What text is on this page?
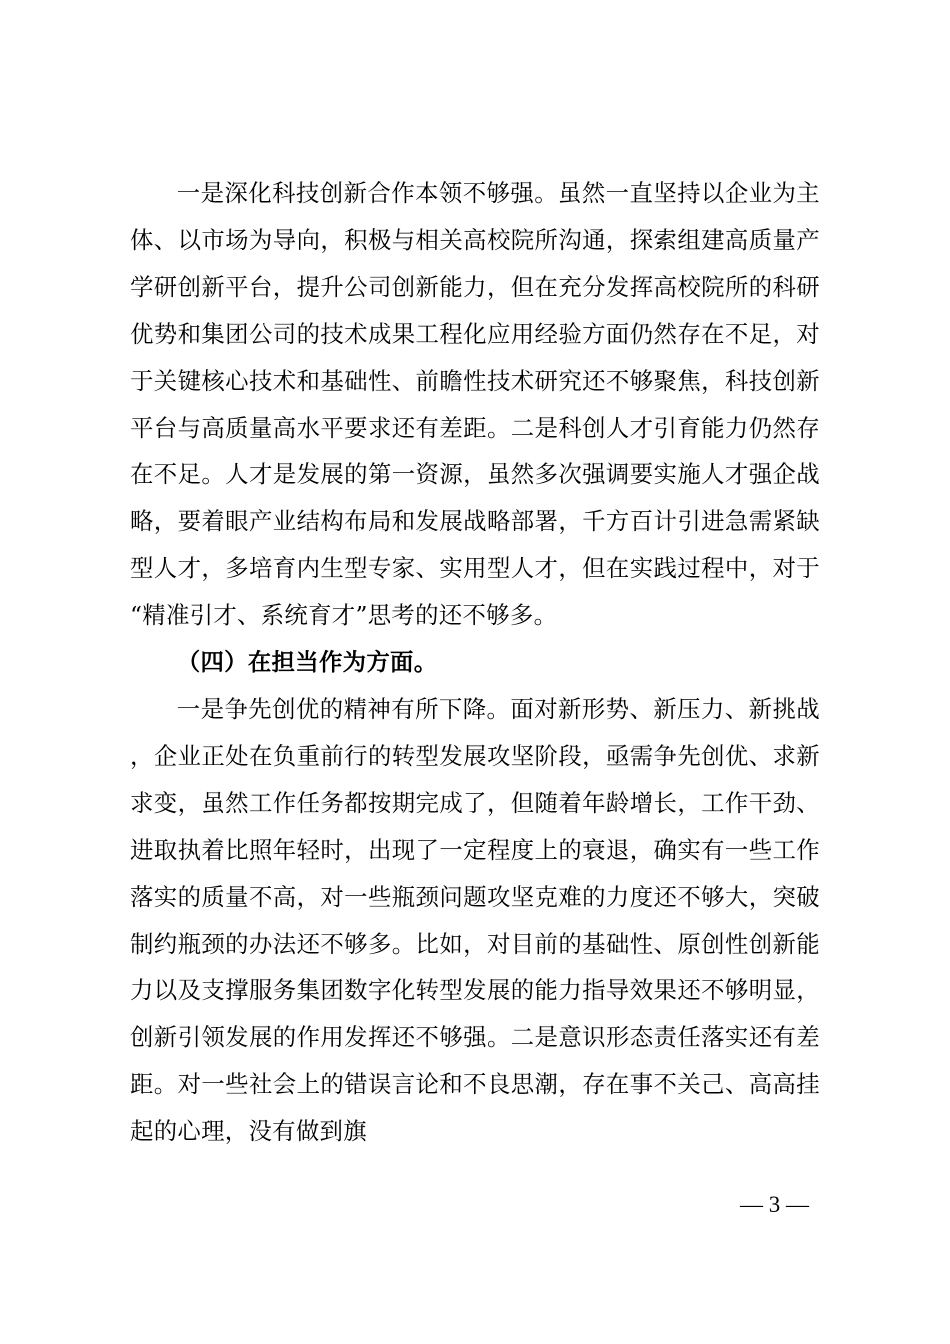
一是深化科技创新合作本领不够强。虽然一直坚持以企业为主体、以市场为导向，积极与相关高校院所沟通，探索组建高质量产学研创新平台，提升公司创新能力，但在充分发挥高校院所的科研优势和集团公司的技术成果工程化应用经验方面仍然存在不足，对于关键核心技术和基础性、前瞻性技术研究还不够聚焦，科技创新平台与高质量高水平要求还有差距。二是科创人才引育能力仍然存在不足。人才是发展的第一资源，虽然多次强调要实施人才强企战略，要着眼产业结构布局和发展战略部署，千方百计引进急需紧缺型人才，多培育内生型专家、实用型人才，但在实践过程中，对于 “精准引才、系统育才”思考的还不够多。

（四）在担当作为方面。

一是争先创优的精神有所下降。面对新形势、新压力、新挑战，企业正处在负重前行的转型发展攻坚阶段，亟需争先创优、求新求变，虽然工作任务都按期完成了，但随着年龄增长，工作干劲、进取执着比照年轻时，出现了一定程度上的衰退，确实有一些工作落实的质量不高，对一些瓶颈问题攻坚克难的力度还不够大，突破制约瓶颈的办法还不够多。比如，对目前的基础性、原创性创新能力以及支撑服务集团数字化转型发展的能力指导效果还不够明显，创新引领发展的作用发挥还不够强。二是意识形态责任落实还有差距。对一些社会上的错误言论和不良思潮，存在事不关己、高高挂起的心理，没有做到旗

— 3 —
